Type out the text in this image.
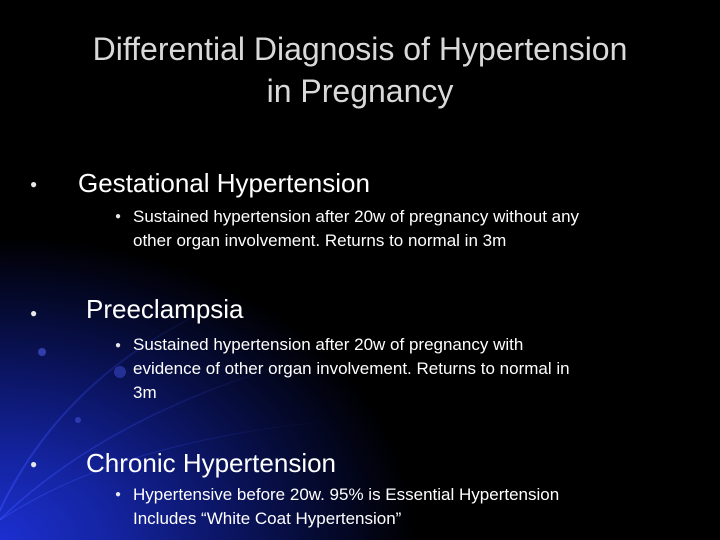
Differential Diagnosis of Hypertension
in Pregnancy
● Gestational Hypertension
● Sustained hypertension after 20w of pregnancy without any
other organ involvement. Returns to normal in 3m
● Preeclampsia
● Sustained hypertension after 20w of pregnancy with
evidence of other organ involvement. Returns to normal in
3m
● Chronic Hypertension
● Hypertensive before 20w. 95% is Essential Hypertension
Includes “White Coat Hypertension”
